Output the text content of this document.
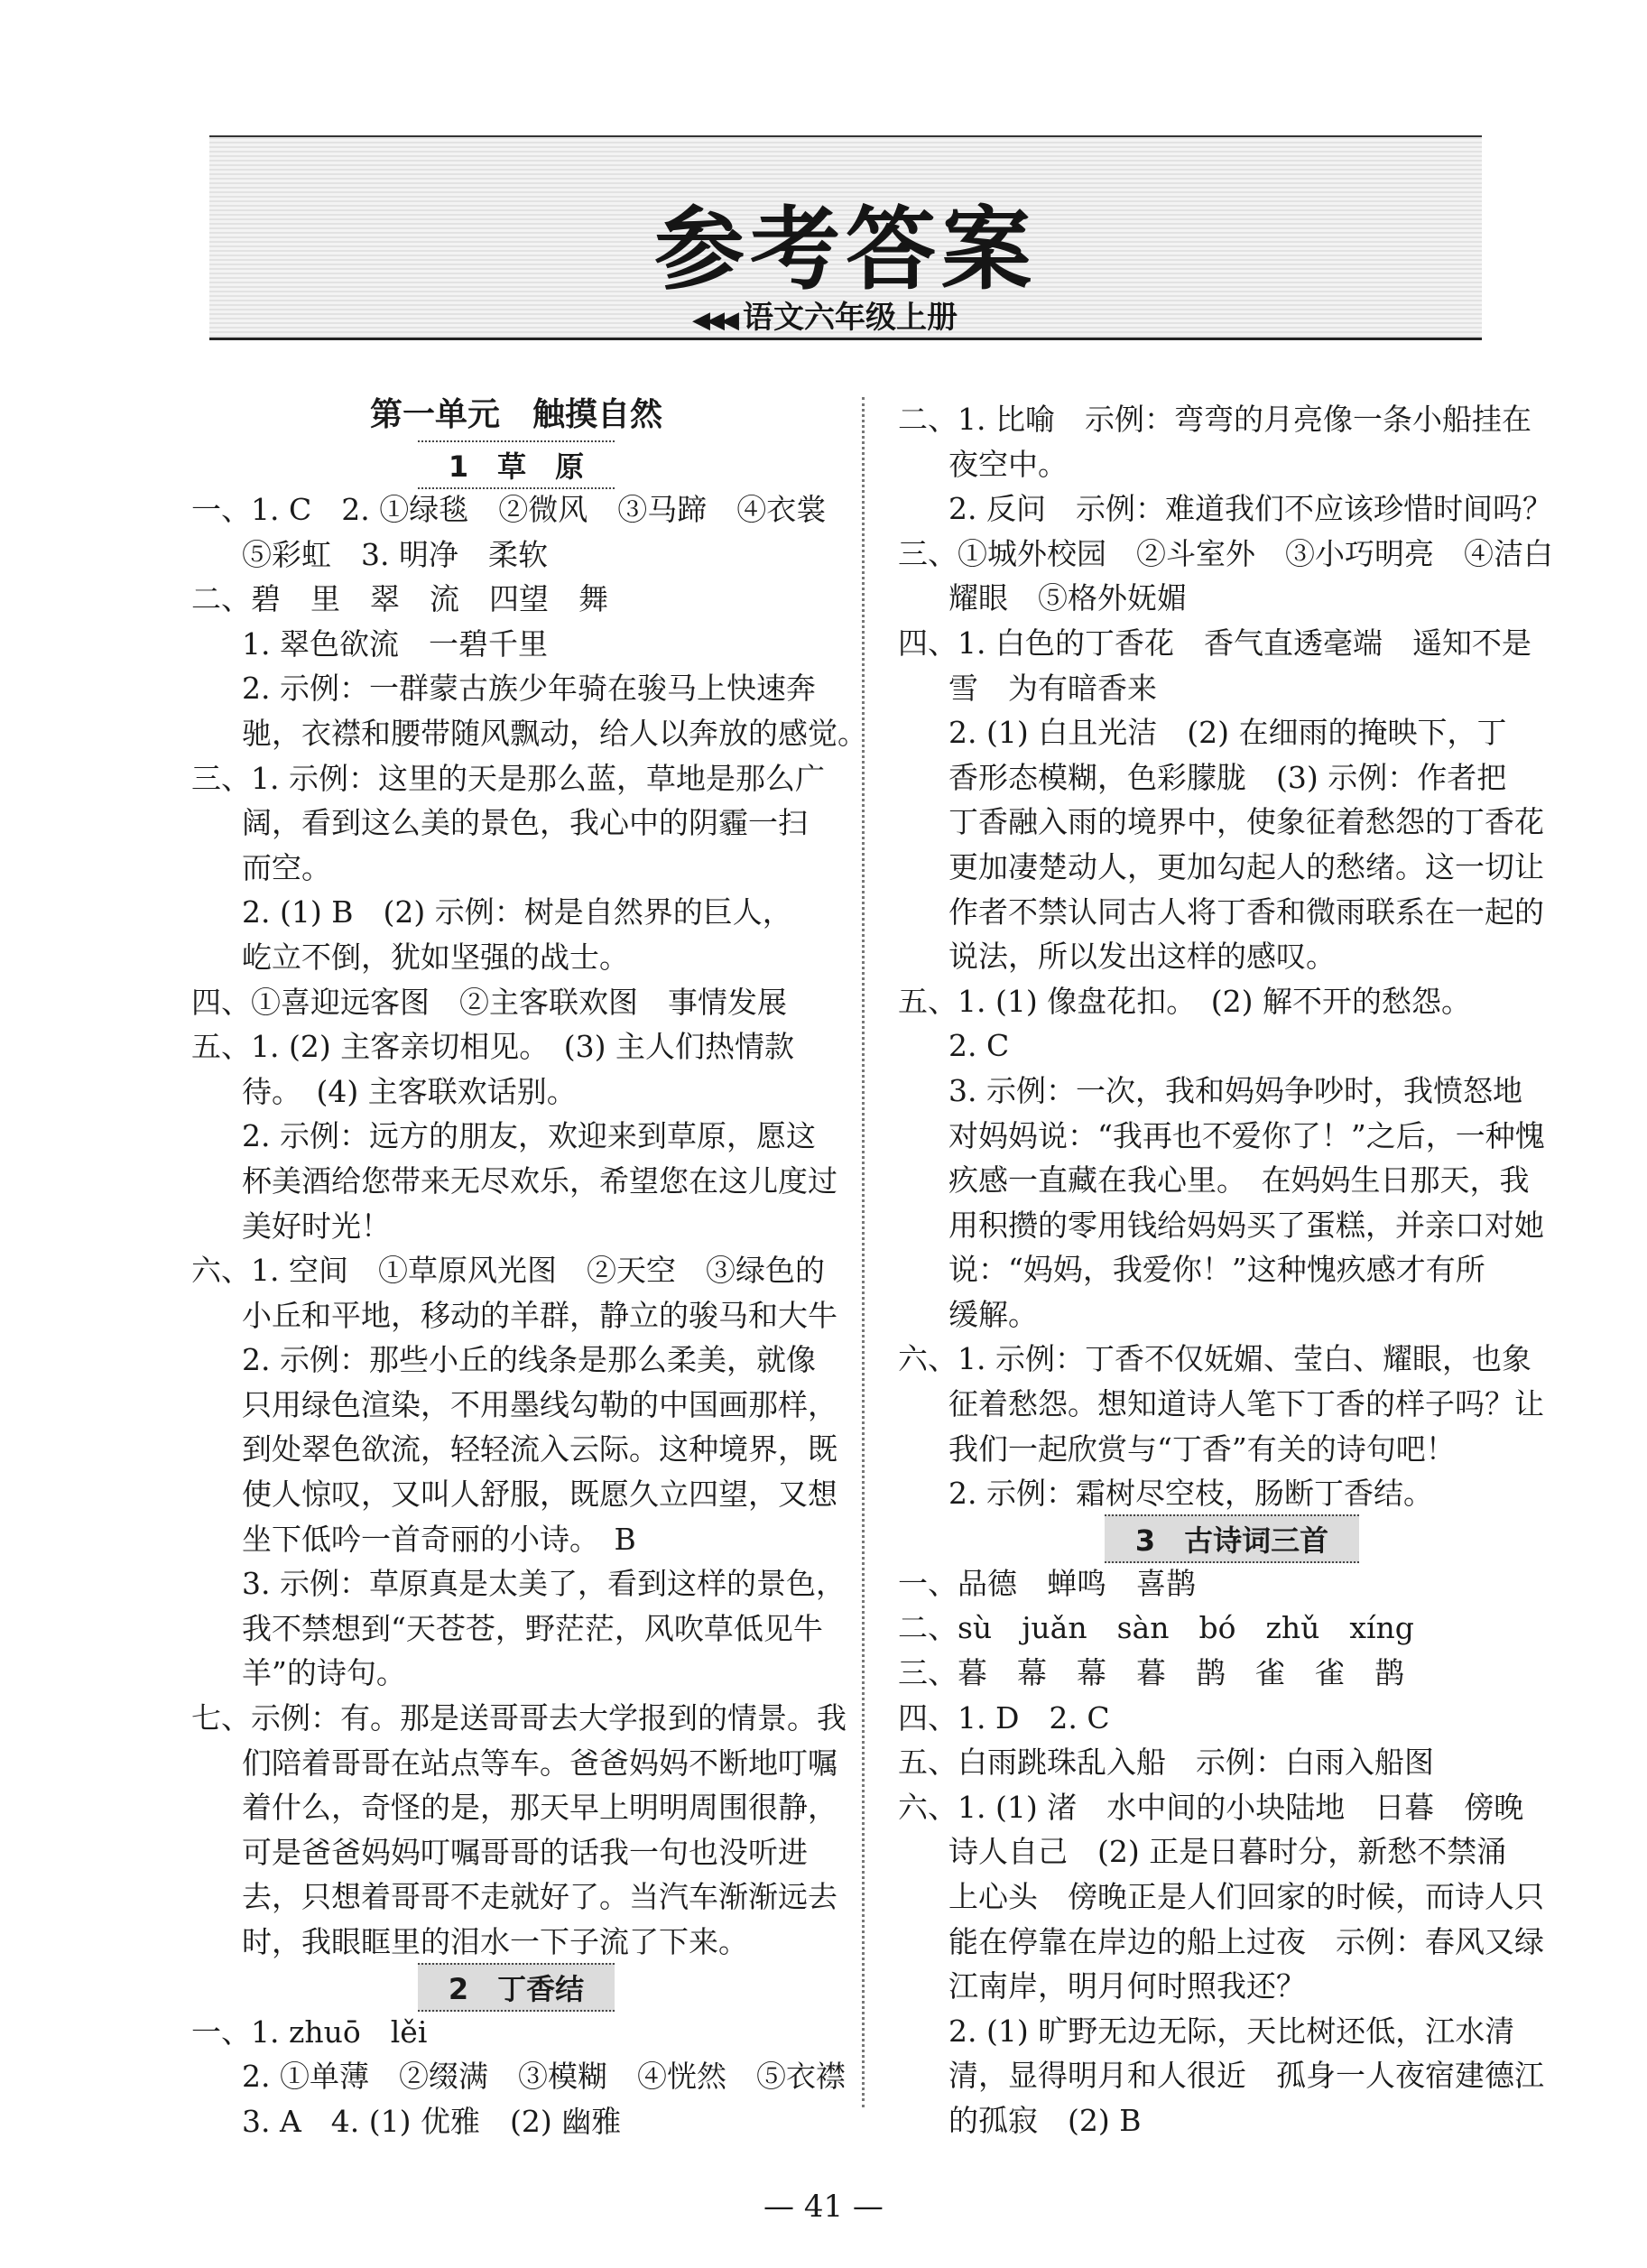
参考答案
◀◀◀ 语文六年级上册
第一单元　触摸自然
1　草　原
一、1. C　2. ①绿毯　②微风　③马蹄　④衣裳
⑤彩虹　3. 明净　柔软
二、碧　里　翠　流　四望　舞
1. 翠色欲流　一碧千里
2. 示例：一群蒙古族少年骑在骏马上快速奔
驰，衣襟和腰带随风飘动，给人以奔放的感觉。
三、1. 示例：这里的天是那么蓝，草地是那么广
阔，看到这么美的景色，我心中的阴霾一扫
而空。
2. (1) B　(2) 示例：树是自然界的巨人，
屹立不倒，犹如坚强的战士。
四、①喜迎远客图　②主客联欢图　事情发展
五、1. (2) 主客亲切相见。　(3) 主人们热情款
待。　(4) 主客联欢话别。
2. 示例：远方的朋友，欢迎来到草原，愿这
杯美酒给您带来无尽欢乐，希望您在这儿度过
美好时光！
六、1. 空间　①草原风光图　②天空　③绿色的
小丘和平地，移动的羊群，静立的骏马和大牛
2. 示例：那些小丘的线条是那么柔美，就像
只用绿色渲染，不用墨线勾勒的中国画那样，
到处翠色欲流，轻轻流入云际。这种境界，既
使人惊叹，又叫人舒服，既愿久立四望，又想
坐下低吟一首奇丽的小诗。　B
3. 示例：草原真是太美了，看到这样的景色，
我不禁想到“天苍苍，野茫茫，风吹草低见牛
羊”的诗句。
七、示例：有。那是送哥哥去大学报到的情景。我
们陪着哥哥在站点等车。爸爸妈妈不断地叮嘱
着什么，奇怪的是，那天早上明明周围很静，
可是爸爸妈妈叮嘱哥哥的话我一句也没听进
去，只想着哥哥不走就好了。当汽车渐渐远去
时，我眼眶里的泪水一下子流了下来。
2　丁香结
一、1. zhuō　lěi
2. ①单薄　②缀满　③模糊　④恍然　⑤衣襟
3. A　4. (1) 优雅　(2) 幽雅
二、1. 比喻　示例：弯弯的月亮像一条小船挂在
夜空中。
2. 反问　示例：难道我们不应该珍惜时间吗？
三、①城外校园　②斗室外　③小巧明亮　④洁白
耀眼　⑤格外妩媚
四、1. 白色的丁香花　香气直透毫端　遥知不是
雪　为有暗香来
2. (1) 白且光洁　(2) 在细雨的掩映下，丁
香形态模糊，色彩朦胧　(3) 示例：作者把
丁香融入雨的境界中，使象征着愁怨的丁香花
更加凄楚动人，更加勾起人的愁绪。这一切让
作者不禁认同古人将丁香和微雨联系在一起的
说法，所以发出这样的感叹。
五、1. (1) 像盘花扣。　(2) 解不开的愁怨。
2. C
3. 示例：一次，我和妈妈争吵时，我愤怒地
对妈妈说：“我再也不爱你了！”之后，一种愧
疚感一直藏在我心里。　在妈妈生日那天，我
用积攒的零用钱给妈妈买了蛋糕，并亲口对她
说：“妈妈，我爱你！”这种愧疚感才有所
缓解。
六、1. 示例：丁香不仅妩媚、莹白、耀眼，也象
征着愁怨。想知道诗人笔下丁香的样子吗？让
我们一起欣赏与“丁香”有关的诗句吧！
2. 示例：霜树尽空枝，肠断丁香结。
3　古诗词三首
一、品德　蝉鸣　喜鹊
二、sù　juǎn　sàn　bó　zhǔ　xíng
三、暮　幕　幕　暮　鹊　雀　雀　鹊
四、1. D　2. C
五、白雨跳珠乱入船　示例：白雨入船图
六、1. (1) 渚　水中间的小块陆地　日暮　傍晚
诗人自己　(2) 正是日暮时分，新愁不禁涌
上心头　傍晚正是人们回家的时候，而诗人只
能在停靠在岸边的船上过夜　示例：春风又绿
江南岸，明月何时照我还？
2. (1) 旷野无边无际，天比树还低，江水清
清，显得明月和人很近　孤身一人夜宿建德江
的孤寂　(2) B
— 41 —
